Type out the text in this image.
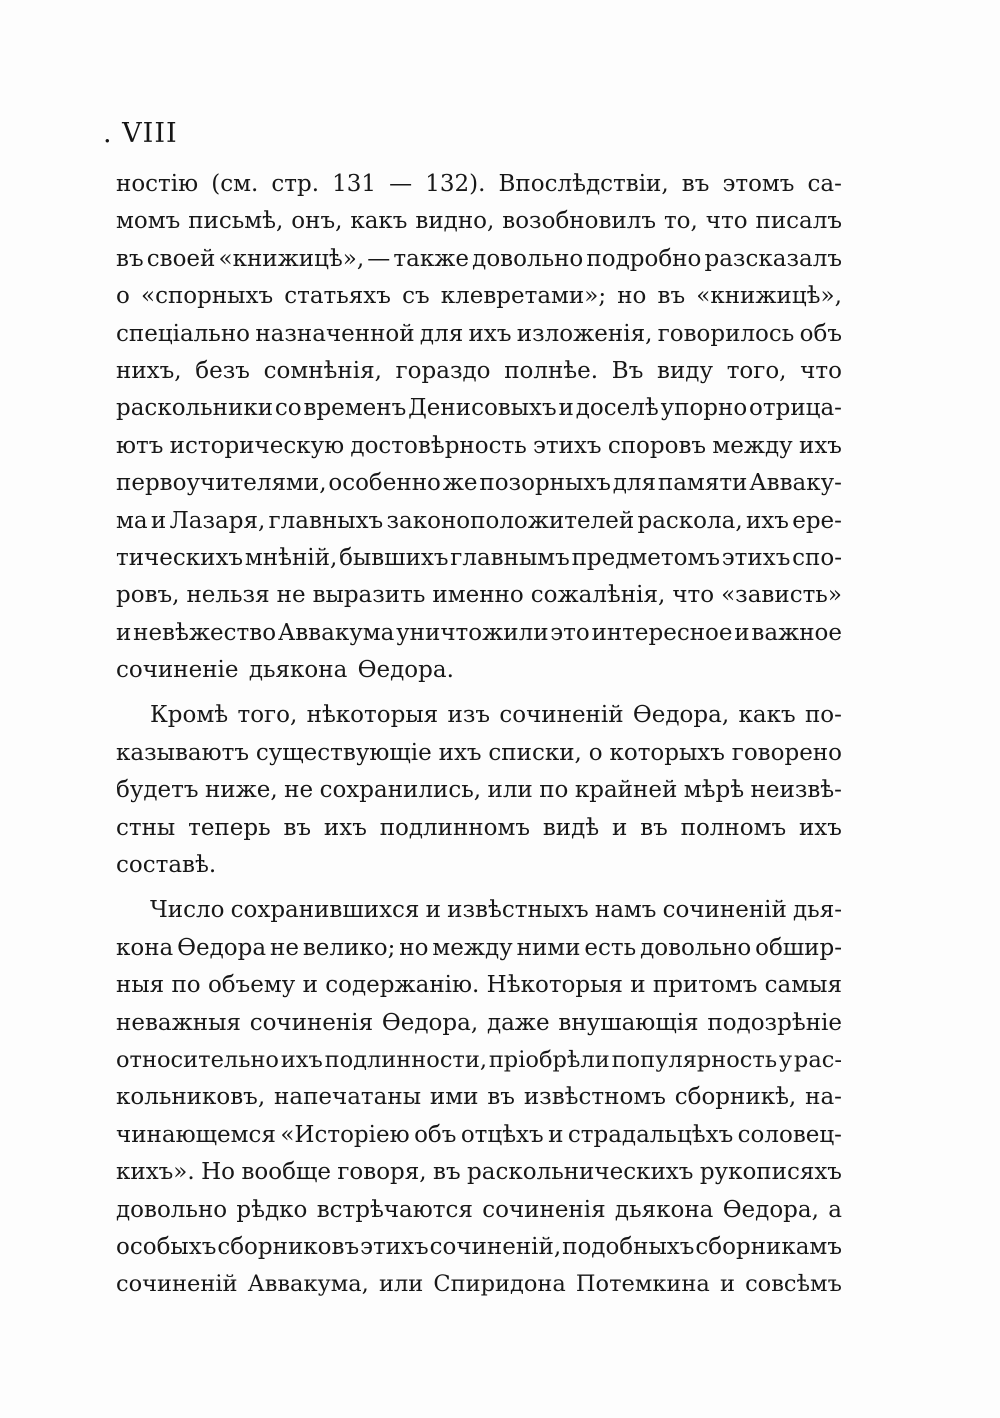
. VIII
ностію (см. стр. 131 — 132). Впослѣдствіи, въ этомъ са-
момъ письмѣ, онъ, какъ видно, возобновилъ то, что писалъ
въ своей «книжицѣ», — также довольно подробно разсказалъ
о «спорныхъ статьяхъ съ клевретами»; но въ «книжицѣ»,
спеціально назначенной для ихъ изложенія, говорилось объ
нихъ, безъ сомнѣнія, гораздо полнѣе. Въ виду того, что
раскольники со временъ Денисовыхъ и доселѣ упорно отрица-
ютъ историческую достовѣрность этихъ споровъ между ихъ
первоучителями, особенно же позорныхъ для памяти Авваку-
ма и Лазаря, главныхъ законоположителей раскола, ихъ ере-
тическихъ мнѣній, бывшихъ главнымъ предметомъ этихъ спо-
ровъ, нельзя не выразить именно сожалѣнія, что «зависть»
и невѣжество Аввакума уничтожили это интересное и важное
сочиненіе дьякона Ѳедора.
Кромѣ того, нѣкоторыя изъ сочиненій Ѳедора, какъ по-
казываютъ существующіе ихъ списки, о которыхъ говорено
будетъ ниже, не сохранились, или по крайней мѣрѣ неизвѣ-
стны теперь въ ихъ подлинномъ видѣ и въ полномъ ихъ
составѣ.
Число сохранившихся и извѣстныхъ намъ сочиненій дья-
кона Ѳедора не велико; но между ними есть довольно обшир-
ныя по объему и содержанію. Нѣкоторыя и притомъ самыя
неважныя сочиненія Ѳедора, даже внушающія подозрѣніе
относительно ихъ подлинности, пріобрѣли популярность у рас-
кольниковъ, напечатаны ими въ извѣстномъ сборникѣ, на-
чинающемся «Исторіею объ отцѣхъ и страдальцѣхъ соловец-
кихъ». Но вообще говоря, въ раскольническихъ рукописяхъ
довольно рѣдко встрѣчаются сочиненія дьякона Ѳедора, а
особыхъ сборниковъ этихъ сочиненій, подобныхъ сборникамъ
сочиненій Аввакума, или Спиридона Потемкина и совсѣмъ
